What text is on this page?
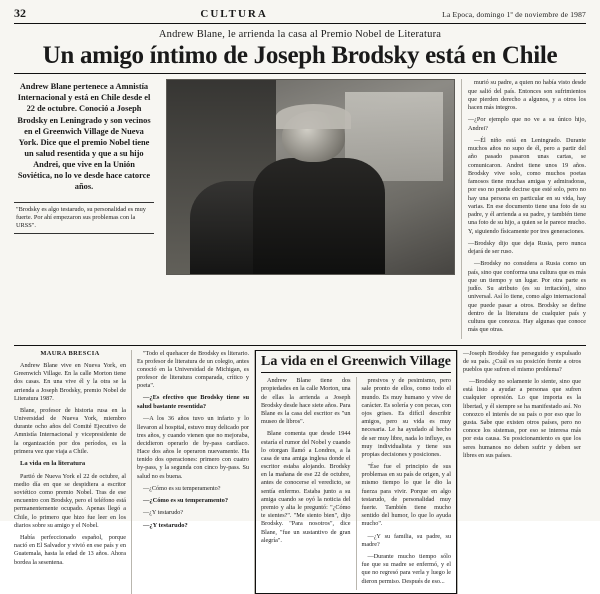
32	CULTURA	La Epoca, domingo 1º de noviembre de 1987
Andrew Blane, le arrienda la casa al Premio Nobel de Literatura
Un amigo íntimo de Joseph Brodsky está en Chile
Andrew Blane pertenece a Amnistía Internacional y está en Chile desde el 22 de octubre. Conoció a Joseph Brodsky en Leningrado y son vecinos en el Greenwich Village de Nueva York. Dice que el premio Nobel tiene un salud resentida y que a su hijo Andrei, que vive en la Unión Soviética, no lo ve desde hace catorce años.
"Brodsky es algo testarudo, su personalidad es muy fuerte. Por ahí empezaron sus problemas con la URSS".

murió su padre, a quien no había visto desde que salió del país. Entonces son sufrimientos que pierden derecho a algunos, y a otros los hacen más integros.

—¿Por ejemplo que no ve a su único hijo, Andrei?

—Él niño está en Leningrado. Durante muchos años no supo de él, pero a partir del año pasado pasaron unas cartas, se comunicaron. Andrei tiene unos 19 años. Brodsky vive solo, como muchos poetas famosos tiene muchas amigas y admiradoras, por eso no puede decirse que esté solo, pero no hay una persona en particular en su vida, hay varias. En ese documento tiene una foto de su padre, y él arrienda a su padre, y también tiene una foto de su hijo, a quien se le parece mucho. Y, siguiendo físicamente por tres generaciones.

—Brodsky dijo que deja Rusia, pero nunca dejará de ser ruso.

—Brodsky no considera a Rusia como un país, sino que conforma una cultura que es más que un tiempo y un lugar. Por otra parte es judío. Su atributo (es su irritación), sino universal. Así lo tiene, como algo internacional que puede pasar a otros. Brodsky se define dentro de la literatura de cualquier país y cultura que conozca. Hay algunas que conoce más que otras.

MAURA BRESCIA

Andrew Blane vive en Nueva York, en Greenwich Village. En la calle Morton tiene dos casas. En una vive él y la otra se la arrienda a Joseph Brodsky, premio Nobel de Literatura 1987.

Blane, profesor de historia rusa en la Universidad de Nueva York, miembro durante ocho años del Comité Ejecutivo de Amnistía Internacional y vicepresidente de la organización por dos períodos, es la primera vez que viaja a Chile.

La vida en la literatura

Partió de Nueva York el 22 de octubre, al medio día en que se despidiera a escritor soviético como premio Nobel. Tras de ese encuentro con Brodsky, pero el teléfono está permanentemente ocupado. Apenas llegó a Chile, lo primero que hizo fue leer en los diarios sobre su amigo y el Nobel.

Había perfeccionado español, porque nació en El Salvador y vivió en ese país y en Guatemala, hasta la edad de 13 años. Ahora bordea la sesentena.

"Todo el quehacer de Brodsky es literario. Es profesor de literatura de un colegio, antes conoció en la Universidad de Michigan, es profesor de literatura comparada, crítico y poeta".

—¿Es efectivo que Brodsky tiene su salud bastante resentida?

—A los 36 años tuvo un infarto y lo llevaron al hospital, estuvo muy delicado por tres años, y cuando vienen que no mejoraba, decidieron operarlo de by-pass cardíaco. Hace dos años le operaron nuevamente. Ha tenido dos operaciones: primero con cuatro by-pass, y la segunda con cinco by-pass. Su salud no es buena.

—¿Cómo es su temperamento?

—¿Cómo es su temperamento?

—¿Y testarudo?

—¿Y testarudo?

La vida en el Greenwich Village

Andrew Blane tiene dos propiedades en la calle Morton, una de ellas la arrienda a Joseph Brodsky desde hace siete años. Para Blane es la casa del escritor es "un museo de libros".

Blane comenta que desde 1944 estaría el rumor del Nobel y cuando lo otorgan llamó a Londres, a la casa de una amiga inglesa donde el escritor estaba alojando. Brodsky en la mañana de ese 22 de octubre, antes de conocerse el veredicto, se sentía enfermo. Estaba junto a su amiga cuando se oyó la noticia del premio y alta le preguntó: "¿Cómo te sientes?". "Me siento bien", dijo Brodsky. "Para nosotros", dice Blane, "fue un sustantivo de gran alegría".

presivos y de pesimismo, pero sale pronto de ellos, como todo el mundo. Es muy humano y vive de carácter. Es solería y con pecas, con ojos grises. Es difícil describir amigos, pero su vida es muy necesaria. Le ha ayudado al hecho de ser muy libre, nada lo influye, es muy individualista y tiene sus propias decisiones y posiciones.

"Ése fue el principio de sus problemas en su país de origen, y al mismo tiempo lo que le dio la fuerza para vivir. Porque en algo testarudo, de personalidad muy fuerte. También tiene mucho sentido del humor, lo que lo ayuda mucho".

—¿Y su familia, su padre, su madre?

—Durante mucho tiempo sólo fue que su madre se enfermó, y el que no regresó para verla y luego le dieron permiso. Después de eso...

—Joseph Brodsky fue perseguido y expulsado de su país. ¿Cuál es su posición frente a otros pueblos que sufren el mismo problema?

—Brodsky no solamente lo siente, sino que está listo a ayudar a personas que sufren cualquier opresión. Lo que importa es la libertad, y él siempre se ha manifestado así. No conozco el interés de su país o por eso que lo gusta. Sabe que existen otros países, pero no conoce los sistemas, por eso se interesa más por esta causa. Su posicionamiento es que los seres humanos no deben sufrir y deben ser libres en sus países.
